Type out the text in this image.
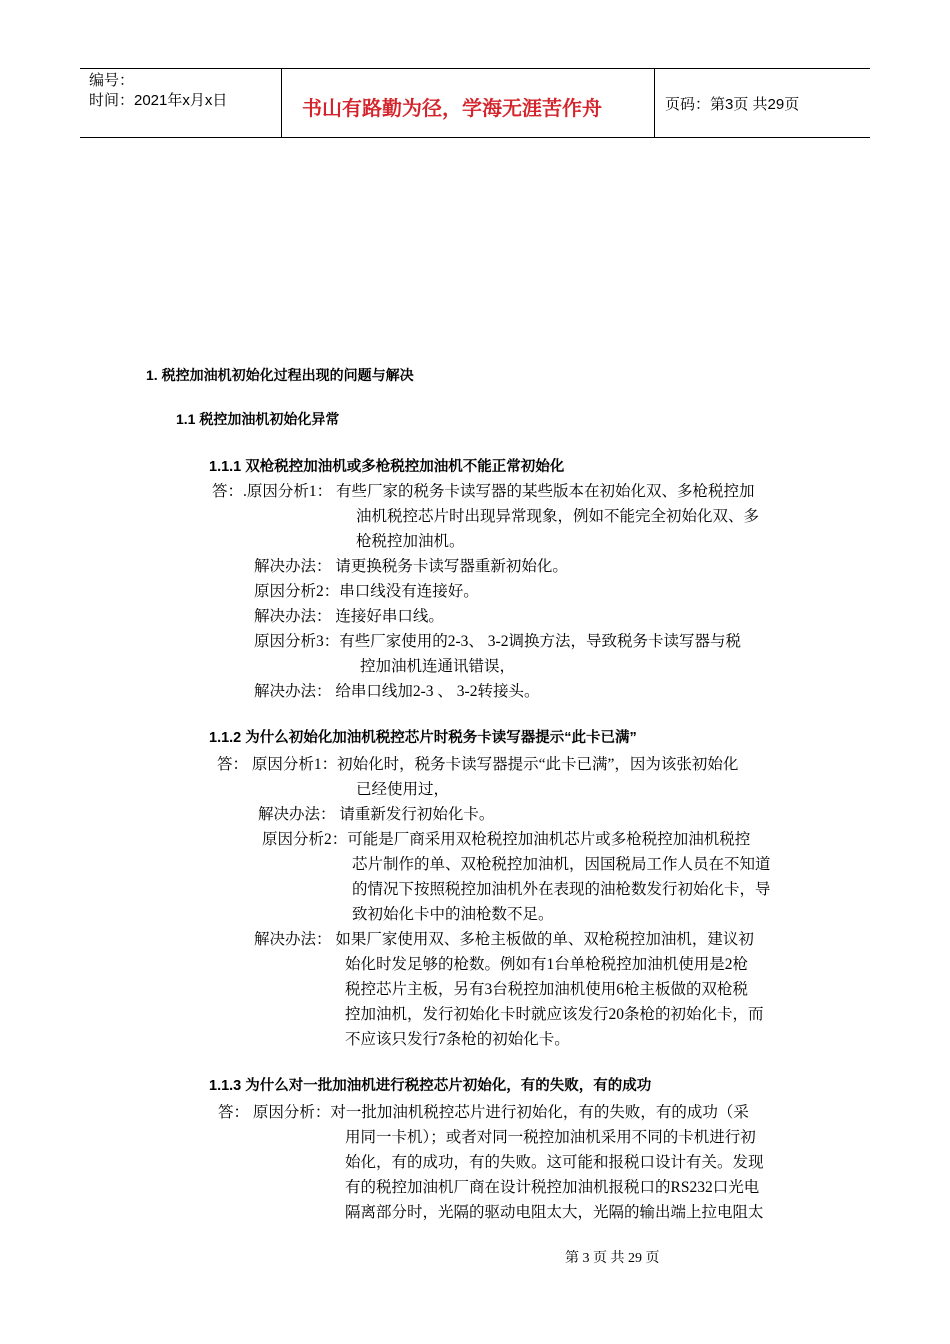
编号：
时间：2021年x月x日	书山有路勤为径，学海无涯苦作舟	页码：第3页 共29页
1. 税控加油机初始化过程出现的问题与解决
1.1 税控加油机初始化异常
1.1.1 双枪税控加油机或多枪税控加油机不能正常初始化
答：.原因分析1： 有些厂家的税务卡读写器的某些版本在初始化双、多枪税控加
油机税控芯片时出现异常现象，例如不能完全初始化双、多
枪税控加油机。
解决办法： 请更换税务卡读写器重新初始化。
原因分析2：串口线没有连接好。
解决办法： 连接好串口线。
原因分析3：有些厂家使用的2-3、 3-2调换方法，导致税务卡读写器与税
控加油机连通讯错误，
解决办法： 给串口线加2-3 、 3-2转接头。
1.1.2 为什么初始化加油机税控芯片时税务卡读写器提示“此卡已满”
答： 原因分析1：初始化时，税务卡读写器提示“此卡已满”，因为该张初始化
已经使用过，
解决办法： 请重新发行初始化卡。
原因分析2：可能是厂商采用双枪税控加油机芯片或多枪税控加油机税控
芯片制作的单、双枪税控加油机，因国税局工作人员在不知道
的情况下按照税控加油机外在表现的油枪数发行初始化卡，导
致初始化卡中的油枪数不足。
解决办法： 如果厂家使用双、多枪主板做的单、双枪税控加油机，建议初
始化时发足够的枪数。例如有1台单枪税控加油机使用是2枪
税控芯片主板，另有3台税控加油机使用6枪主板做的双枪税
控加油机，发行初始化卡时就应该发行20条枪的初始化卡，而
不应该只发行7条枪的初始化卡。
1.1.3 为什么对一批加油机进行税控芯片初始化，有的失败，有的成功
答： 原因分析：对一批加油机税控芯片进行初始化，有的失败，有的成功（采
用同一卡机）；或者对同一税控加油机采用不同的卡机进行初
始化，有的成功，有的失败。这可能和报税口设计有关。发现
有的税控加油机厂商在设计税控加油机报税口的RS232口光电
隔离部分时，光隔的驱动电阻太大，光隔的输出端上拉电阻太
第 3 页 共 29 页
